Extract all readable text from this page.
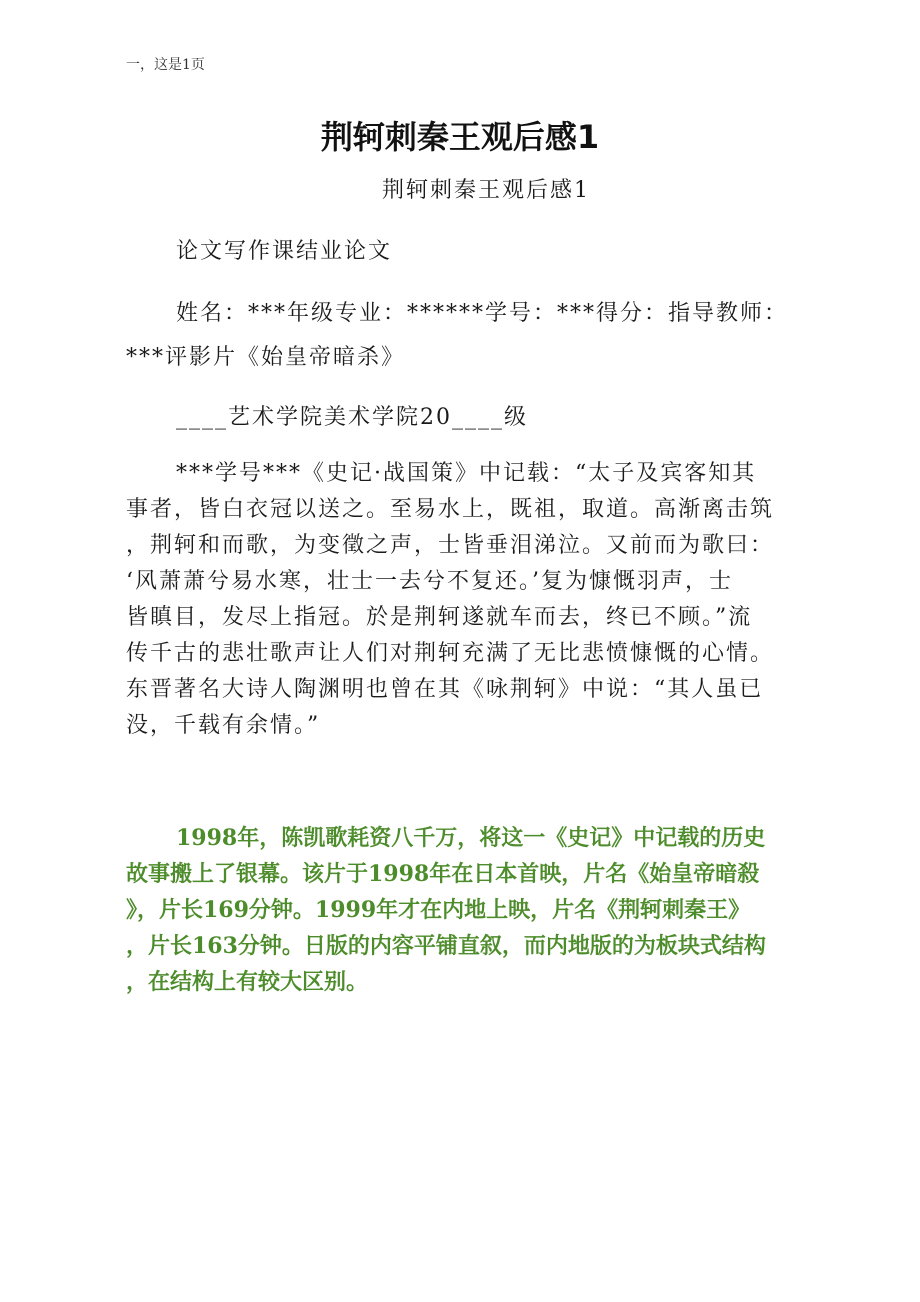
一，这是1页
荆轲刺秦王观后感1
荆轲刺秦王观后感1
论文写作课结业论文
姓名：***年级专业：******学号：***得分：指导教师：
***评影片《始皇帝暗杀》
____艺术学院美术学院20____级
***学号***《史记·战国策》中记载：“太子及宾客知其
事者，皆白衣冠以送之。至易水上，既祖，取道。高渐离击筑
，荆轲和而歌，为变徵之声，士皆垂泪涕泣。又前而为歌曰：
‘风萧萧兮易水寒，壮士一去兮不复还。’复为慷慨羽声，士
皆瞋目，发尽上指冠。於是荆轲遂就车而去，终已不顾。”流
传千古的悲壮歌声让人们对荆轲充满了无比悲愤慷慨的心情。
东晋著名大诗人陶渊明也曾在其《咏荆轲》中说：“其人虽已
没，千载有余情。”
1998年，陈凯歌耗资八千万，将这一《史记》中记载的历史
故事搬上了银幕。该片于1998年在日本首映，片名《始皇帝暗殺
》，片长169分钟。1999年才在内地上映，片名《荆轲刺秦王》
，片长163分钟。日版的内容平铺直叙，而内地版的为板块式结构
，在结构上有较大区别。
